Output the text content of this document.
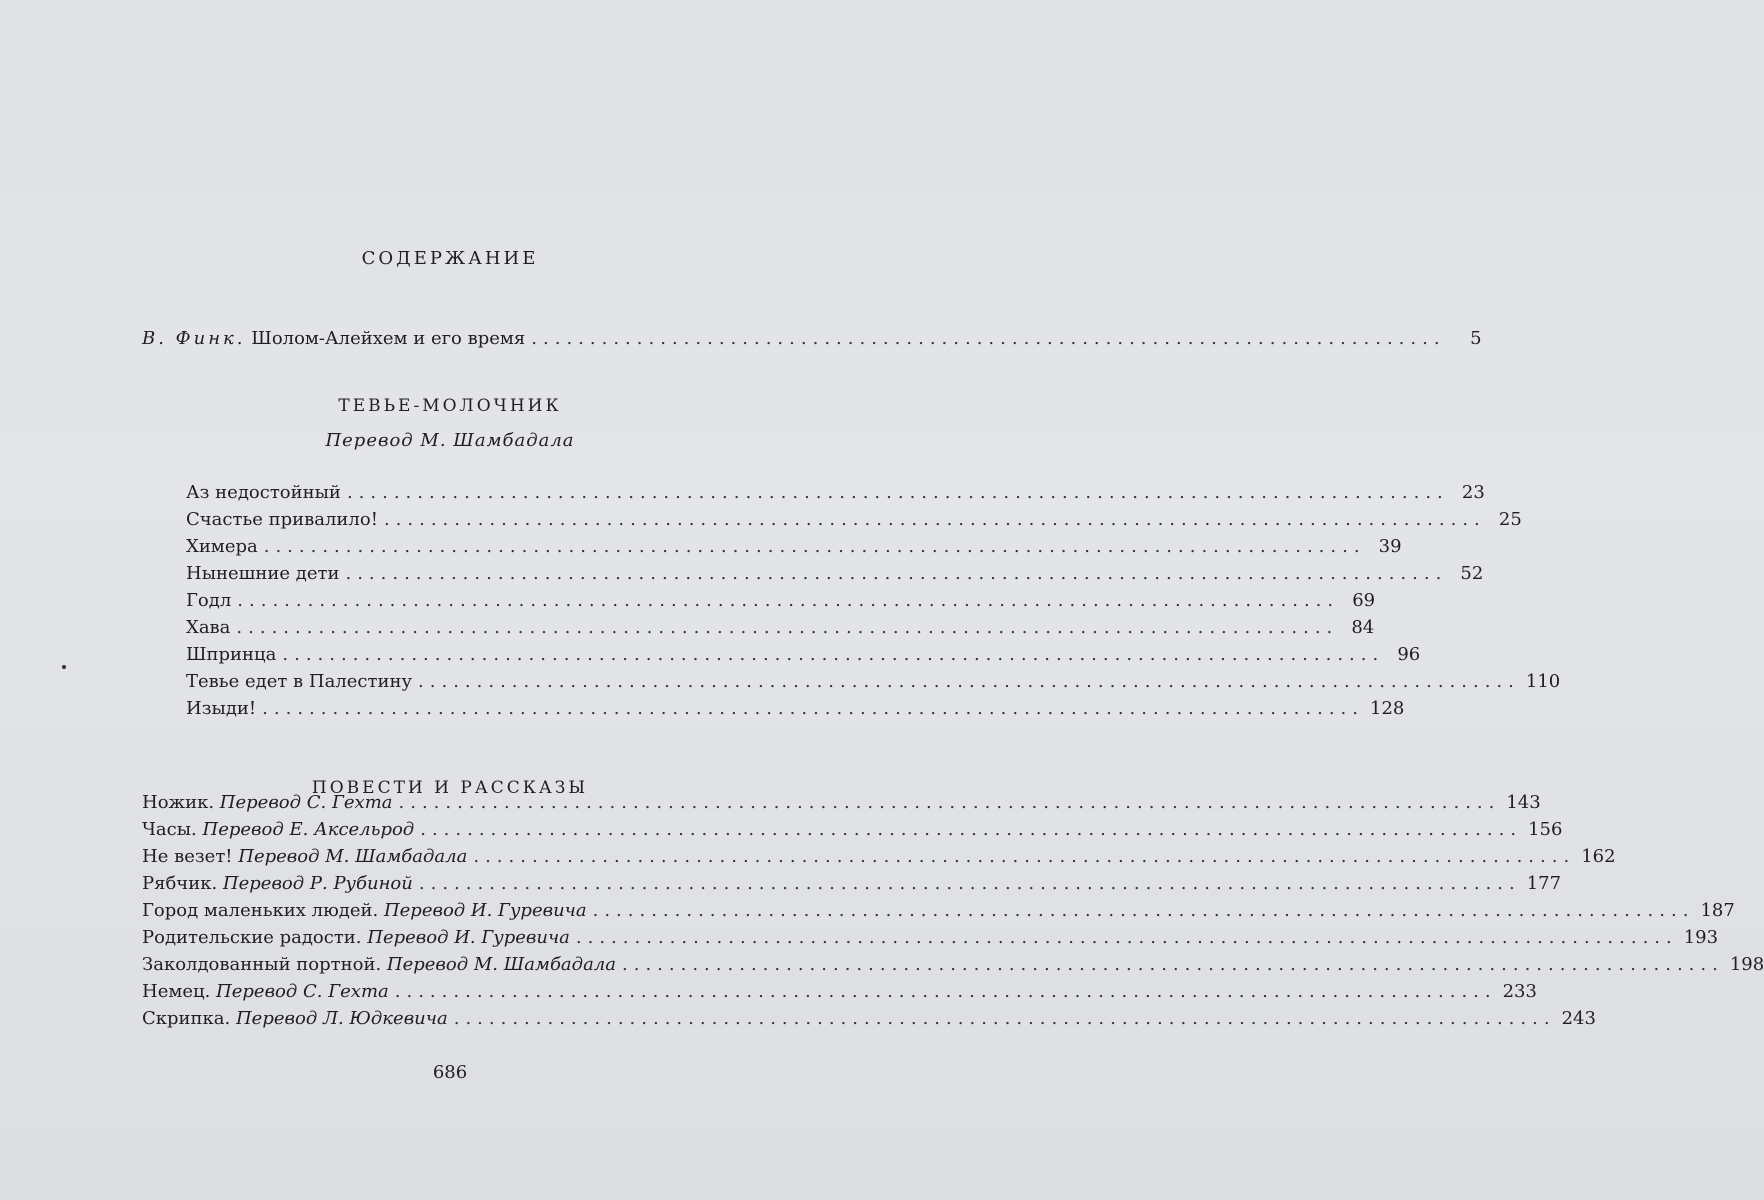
СОДЕРЖАНИЕ
В. Финк. Шолом-Алейхем и его время ..............................................................................	5
ТЕВЬЕ-МОЛОЧНИК
Перевод М. Шамбадала
Аз недостойный .............................................................................................. 23
Счастье привалило! .............................................................................................. 25
Химера .............................................................................................. 39
Нынешние дети .............................................................................................. 52
Годл .............................................................................................. 69
Хава .............................................................................................. 84
Шпринца .............................................................................................. 96
Тевье едет в Палестину .............................................................................................. 110
Изыди! .............................................................................................. 128
ПОВЕСТИ И РАССКАЗЫ
Ножик. Перевод С. Гехта .............................................................................................. 143
Часы. Перевод Е. Аксельрод .............................................................................................. 156
Не везет! Перевод М. Шамбадала .............................................................................................. 162
Рябчик. Перевод Р. Рубиной .............................................................................................. 177
Город маленьких людей. Перевод И. Гуревича .............................................................................................. 187
Родительские радости. Перевод И. Гуревича .............................................................................................. 193
Заколдованный портной. Перевод М. Шамбадала .............................................................................................. 198
Немец. Перевод С. Гехта .............................................................................................. 233
Скрипка. Перевод Л. Юдкевича .............................................................................................. 243
686
